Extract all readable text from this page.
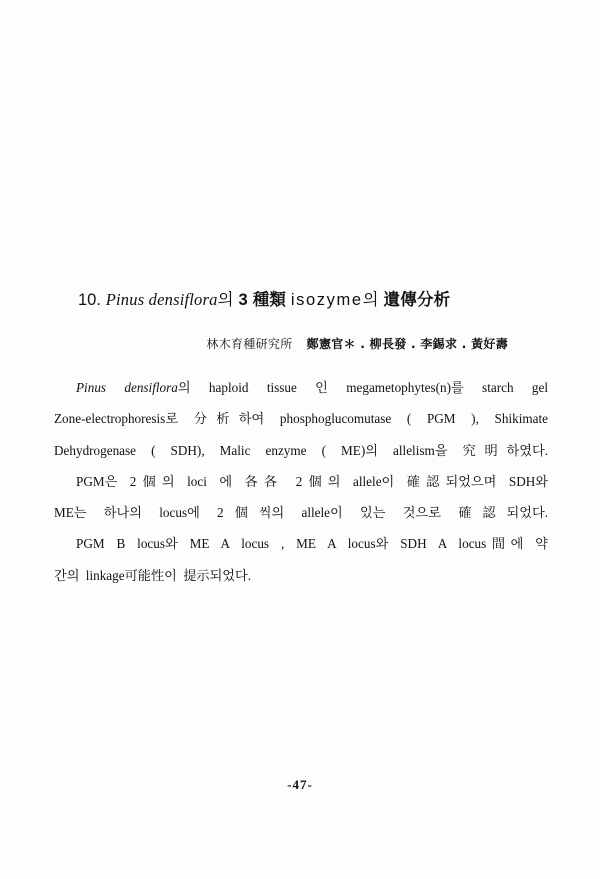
10. Pinus densiflora의 3 種類 isozyme의 遺傳分析
林木育種研究所 鄭憲官＊ . 柳長發 . 李錫求 . 黃好壽
Pinus densiflora의 haploid tissue 인 megametophytes(n)를 starch gel
Zone-electrophoresis로 分析하여 phosphoglucomutase ( PGM ), Shikimate
Dehydrogenase ( SDH), Malic enzyme ( ME)의 allelism을 究明하였다.
PGM은 2個의 loci 에 各各 2個의 allele이 確認되었으며 SDH와
ME는 하나의 locus에 2個씩의 allele이 있는 것으로 確認되었다.
PGM B locus와 ME A locus , ME A locus와 SDH A locus間에 약
간의 linkage可能性이 提示되었다.
-47-
